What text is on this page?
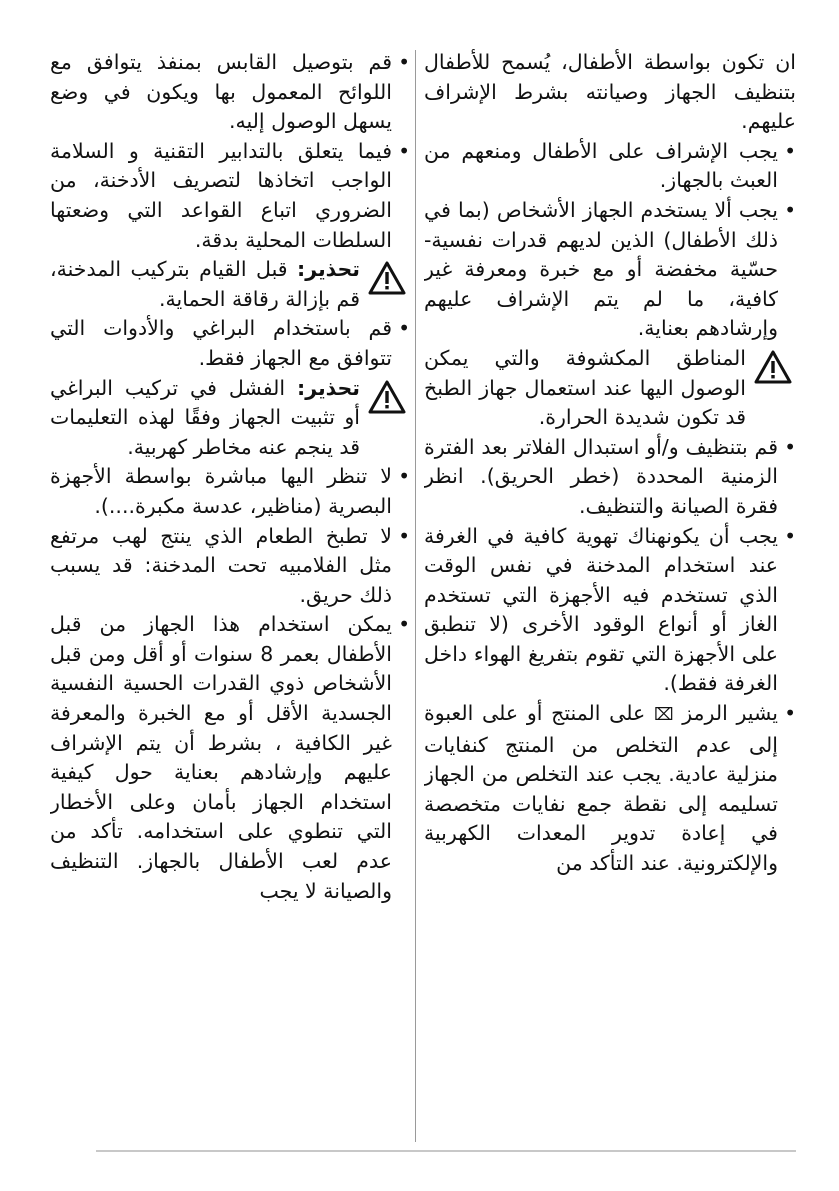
ان تكون بواسطة الأطفال، يُسمح للأطفال بتنظيف الجهاز وصيانته بشرط الإشراف عليهم.

• يجب الإشراف على الأطفال ومنعهم من العبث بالجهاز.

• يجب ألا يستخدم الجهاز الأشخاص (بما في ذلك الأطفال) الذين لديهم قدرات نفسية-حسّية مخفضة أو مع خبرة ومعرفة غير كافية، ما لم يتم الإشراف عليهم وإرشادهم بعناية.

المناطق المكشوفة والتي يمكن الوصول اليها عند استعمال جهاز الطبخ قد تكون شديدة الحرارة.

• قم بتنظيف و/أو استبدال الفلاتر بعد الفترة الزمنية المحددة (خطر الحريق). انظر فقرة الصيانة والتنظيف.

• يجب أن يكونهناك تهوية كافية في الغرفة عند استخدام المدخنة في نفس الوقت الذي تستخدم فيه الأجهزة التي تستخدم الغاز أو أنواع الوقود الأخرى (لا تنطبق على الأجهزة التي تقوم بتفريغ الهواء داخل الغرفة فقط).

• يشير الرمز ⌧ على المنتج أو على العبوة إلى عدم التخلص من المنتج كنفايات منزلية عادية. يجب عند التخلص من الجهاز تسليمه إلى نقطة جمع نفايات متخصصة في إعادة تدوير المعدات الكهربية والإلكترونية. عند التأكد من

• قم بتوصيل القابس بمنفذ يتوافق مع اللوائح المعمول بها ويكون في وضع يسهل الوصول إليه.

• فيما يتعلق بالتدابير التقنية و السلامة الواجب اتخاذها لتصريف الأدخنة، من الضروري اتباع القواعد التي وضعتها السلطات المحلية بدقة.

تحذير: قبل القيام بتركيب المدخنة، قم بإزالة رقاقة الحماية.

• قم باستخدام البراغي والأدوات التي تتوافق مع الجهاز فقط.

تحذير: الفشل في تركيب البراغي أو تثبيت الجهاز وفقًا لهذه التعليمات قد ينجم عنه مخاطر كهربية.

• لا تنظر اليها مباشرة بواسطة الأجهزة البصرية (مناظير، عدسة مكبرة....).

• لا تطبخ الطعام الذي ينتج لهب مرتفع مثل الفلامبيه تحت المدخنة: قد يسبب ذلك حريق.

• يمكن استخدام هذا الجهاز من قبل الأطفال بعمر 8 سنوات أو أقل ومن قبل الأشخاص ذوي القدرات الحسية النفسية الجسدية الأقل أو مع الخبرة والمعرفة غير الكافية ، بشرط أن يتم الإشراف عليهم وإرشادهم بعناية حول كيفية استخدام الجهاز بأمان وعلى الأخطار التي تنطوي على استخدامه. تأكد من عدم لعب الأطفال بالجهاز. التنظيف والصيانة لا يجب
